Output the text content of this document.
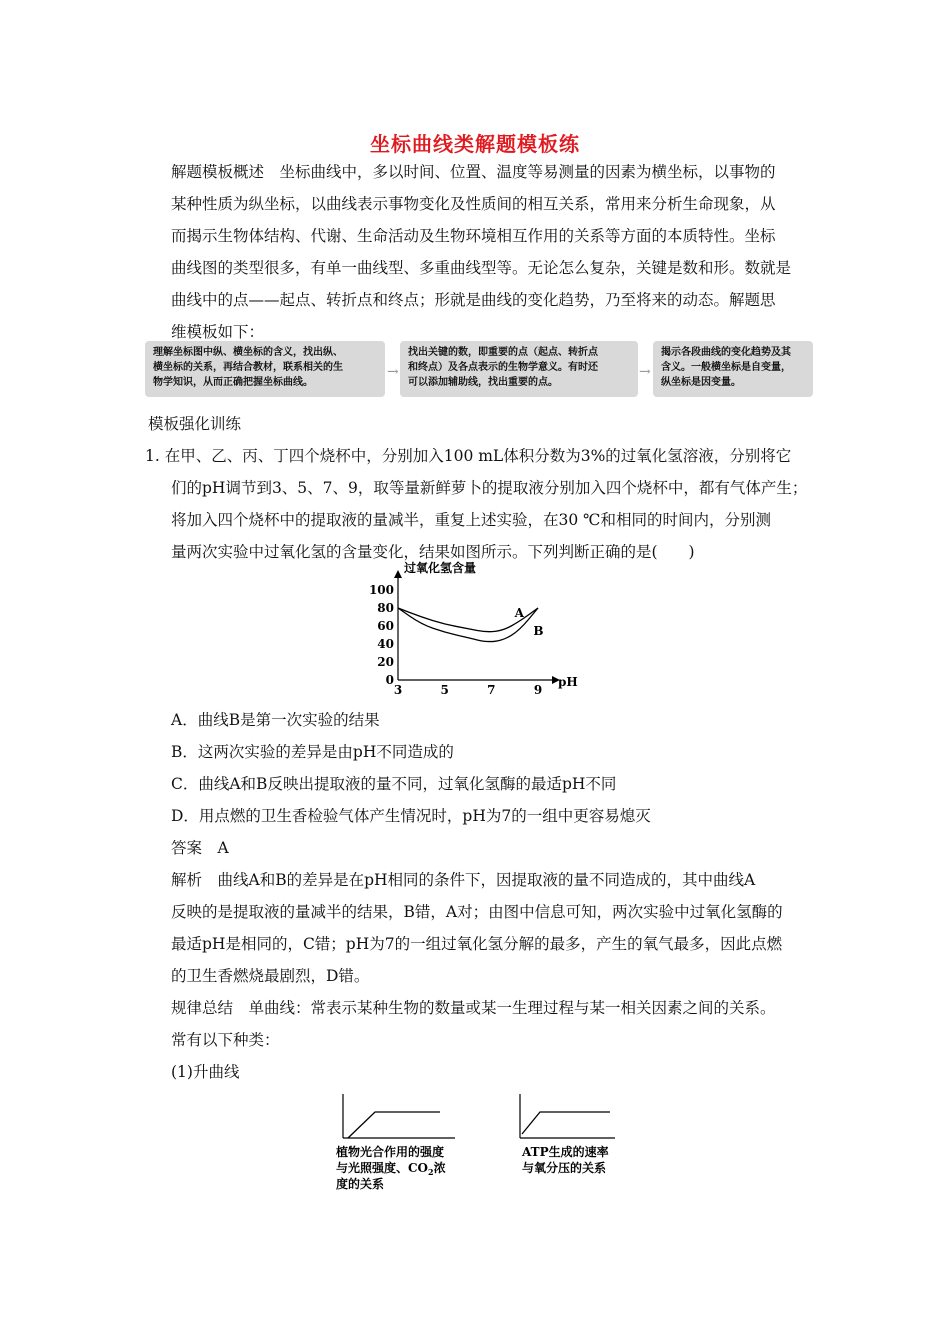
坐标曲线类解题模板练
解题模板概述　坐标曲线中，多以时间、位置、温度等易测量的因素为横坐标，以事物的
某种性质为纵坐标，以曲线表示事物变化及性质间的相互关系，常用来分析生命现象，从
而揭示生物体结构、代谢、生命活动及生物环境相互作用的关系等方面的本质特性。坐标
曲线图的类型很多，有单一曲线型、多重曲线型等。无论怎么复杂，关键是数和形。数就是
曲线中的点——起点、转折点和终点；形就是曲线的变化趋势，乃至将来的动态。解题思
维模板如下：
理解坐标图中纵、横坐标的含义，找出纵、
横坐标的关系，再结合教材，联系相关的生
物学知识，从而正确把握坐标曲线。
→
找出关键的数，即重要的点（起点、转折点
和终点）及各点表示的生物学意义。有时还
可以添加辅助线，找出重要的点。
→
揭示各段曲线的变化趋势及其
含义。一般横坐标是自变量，
纵坐标是因变量。
模板强化训练
1. 在甲、乙、丙、丁四个烧杯中，分别加入100 mL体积分数为3%的过氧化氢溶液，分别将它
们的pH调节到3、5、7、9，取等量新鲜萝卜的提取液分别加入四个烧杯中，都有气体产生；
将加入四个烧杯中的提取液的量减半，重复上述实验，在30 ℃和相同的时间内，分别测
量两次实验中过氧化氢的含量变化，结果如图所示。下列判断正确的是(　　)
过氧化氢含量
pH
100
80
60
40
20
0
3	5	7	9
A
B
A．曲线B是第一次实验的结果
B．这两次实验的差异是由pH不同造成的
C．曲线A和B反映出提取液的量不同，过氧化氢酶的最适pH不同
D．用点燃的卫生香检验气体产生情况时，pH为7的一组中更容易熄灭
答案　A
解析　曲线A和B的差异是在pH相同的条件下，因提取液的量不同造成的，其中曲线A
反映的是提取液的量减半的结果，B错，A对；由图中信息可知，两次实验中过氧化氢酶的
最适pH是相同的，C错；pH为7的一组过氧化氢分解的最多，产生的氧气最多，因此点燃
的卫生香燃烧最剧烈，D错。
规律总结　单曲线：常表示某种生物的数量或某一生理过程与某一相关因素之间的关系。
常有以下种类：
(1)升曲线
植物光合作用的强度
与光照强度、$CO_2$浓
度的关系
ATP生成的速率
与氧分压的关系
